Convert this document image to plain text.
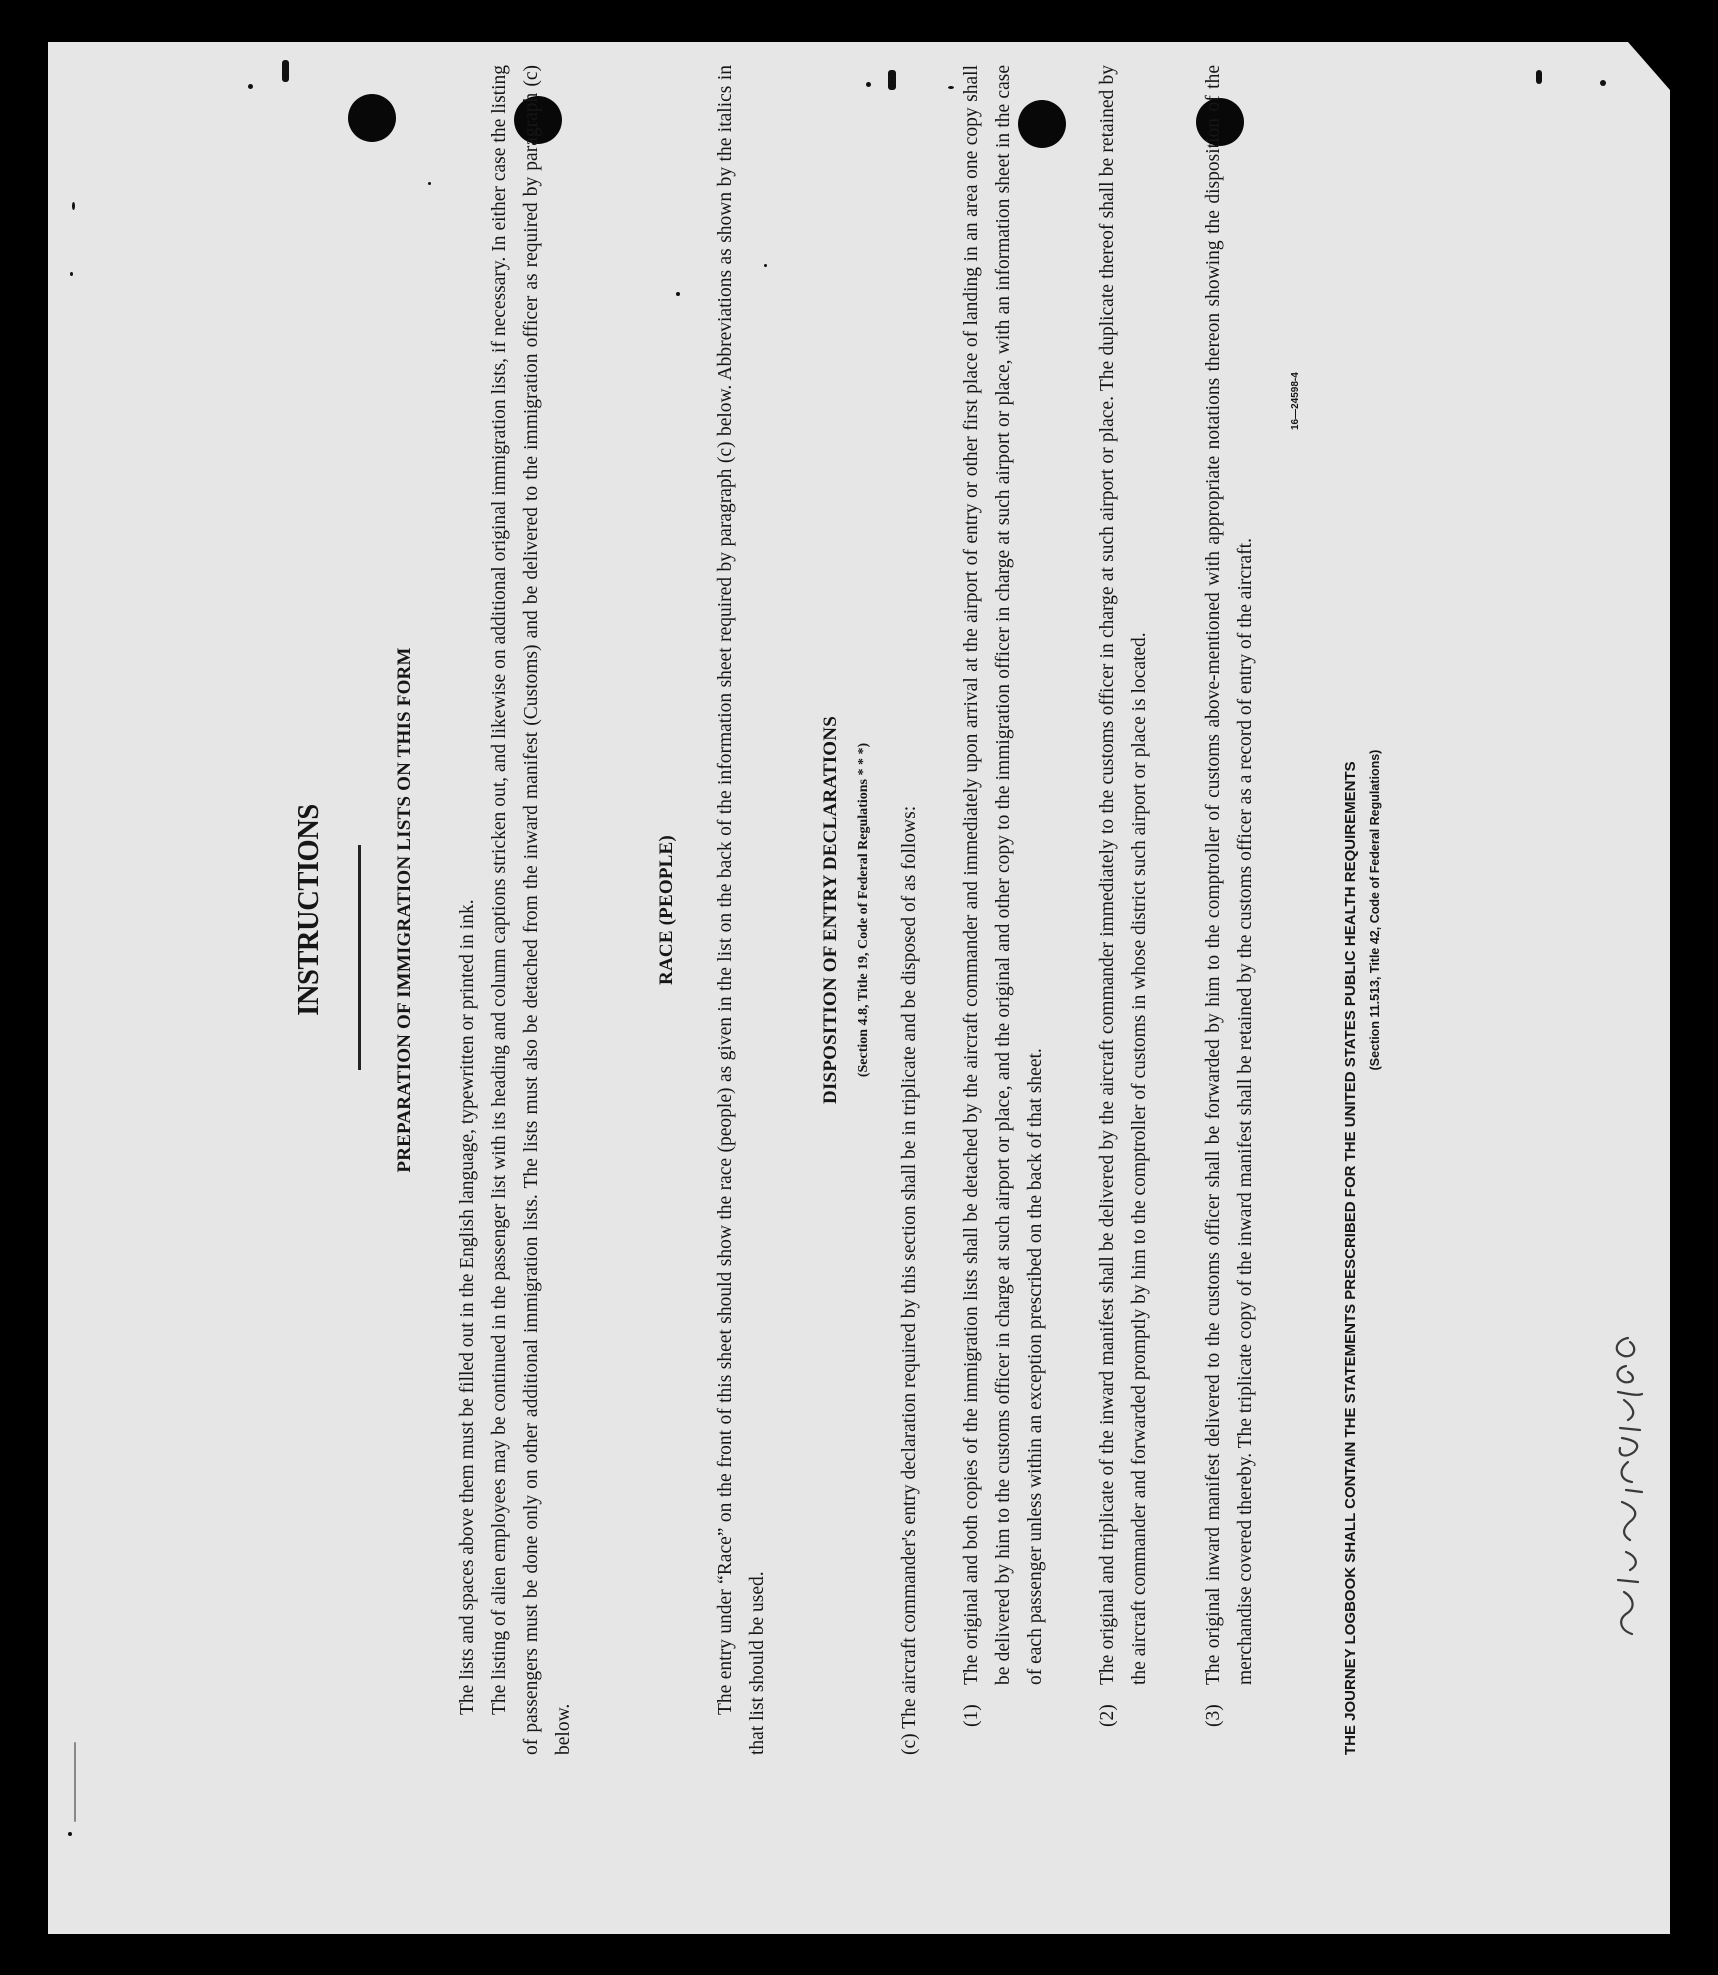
INSTRUCTIONS	PREPARATION OF IMMIGRATION LISTS ON THIS FORM The lists and spaces above them must be filled out in the English language, typewritten or printed in ink. The listing of alien employees may be continued in the passenger list with its heading and column captions stricken out, and likewise on additional original immigration lists, if necessary. In either case the listing of passengers must be done only on other additional immigration lists. The lists must also be detached from the inward manifest (Customs) and be delivered to the immigration officer as required by paragraph (c) below.
RACE (PEOPLE) The entry under “Race” on the front of this sheet should show the race (people) as given in the list on the back of the information sheet required by paragraph (c) below. Abbreviations as shown by the italics in that list should be used.
DISPOSITION OF ENTRY DECLARATIONS (Section 4.8, Title 19, Code of Federal Regulations * * *) (c) The aircraft commander's entry declaration required by this section shall be in triplicate and be disposed of as follows:	(1)
The original and both copies of the immigration lists shall be detached by the aircraft commander and immediately upon arrival at the airport of entry or other first place of landing in an area one copy shall be delivered by him to the customs officer in charge at such airport or place, and the original and other copy to the immigration officer in charge at such airport or place, with an information sheet in the case of each passenger unless within an exception prescribed on the back of that sheet.
(2)
The original and triplicate of the inward manifest shall be delivered by the aircraft commander immediately to the customs officer in charge at such airport or place. The duplicate thereof shall be retained by the aircraft commander and forwarded promptly by him to the comptroller of customs in whose district such airport or place is located.
(3)
The original inward manifest delivered to the customs officer shall be forwarded by him to the comptroller of customs above-mentioned with appropriate notations thereon showing the disposition of the merchandise covered thereby. The triplicate copy of the inward manifest shall be retained by the customs officer as a record of entry of the aircraft.	THE JOURNEY LOGBOOK SHALL CONTAIN THE STATEMENTS PRESCRIBED FOR THE UNITED STATES PUBLIC HEALTH REQUIREMENTS (Section 11.513, Title 42, Code of Federal Regulations)
16—24598-4
